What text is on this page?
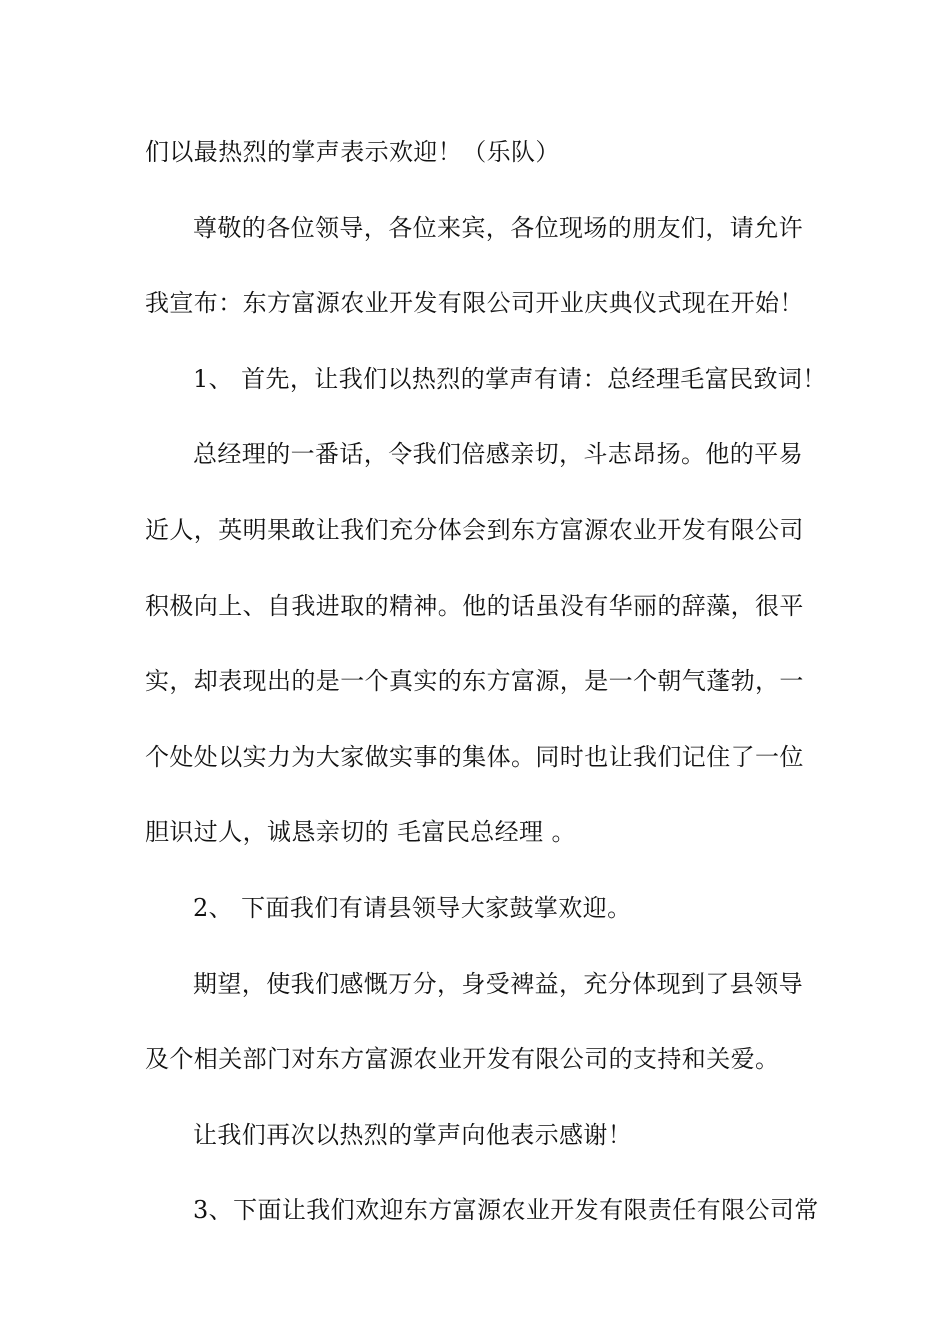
们以最热烈的掌声表示欢迎！（乐队）
尊敬的各位领导，各位来宾，各位现场的朋友们，请允许
我宣布：东方富源农业开发有限公司开业庆典仪式现在开始！
1、 首先，让我们以热烈的掌声有请：总经理毛富民致词！
总经理的一番话，令我们倍感亲切，斗志昂扬。他的平易
近人，英明果敢让我们充分体会到东方富源农业开发有限公司
积极向上、自我进取的精神。他的话虽没有华丽的辞藻，很平
实，却表现出的是一个真实的东方富源，是一个朝气蓬勃，一
个处处以实力为大家做实事的集体。同时也让我们记住了一位
胆识过人，诚恳亲切的 毛富民总经理 。
2、 下面我们有请县领导大家鼓掌欢迎。
期望，使我们感慨万分，身受裨益，充分体现到了县领导
及个相关部门对东方富源农业开发有限公司的支持和关爱。
让我们再次以热烈的掌声向他表示感谢！
3、下面让我们欢迎东方富源农业开发有限责任有限公司常
